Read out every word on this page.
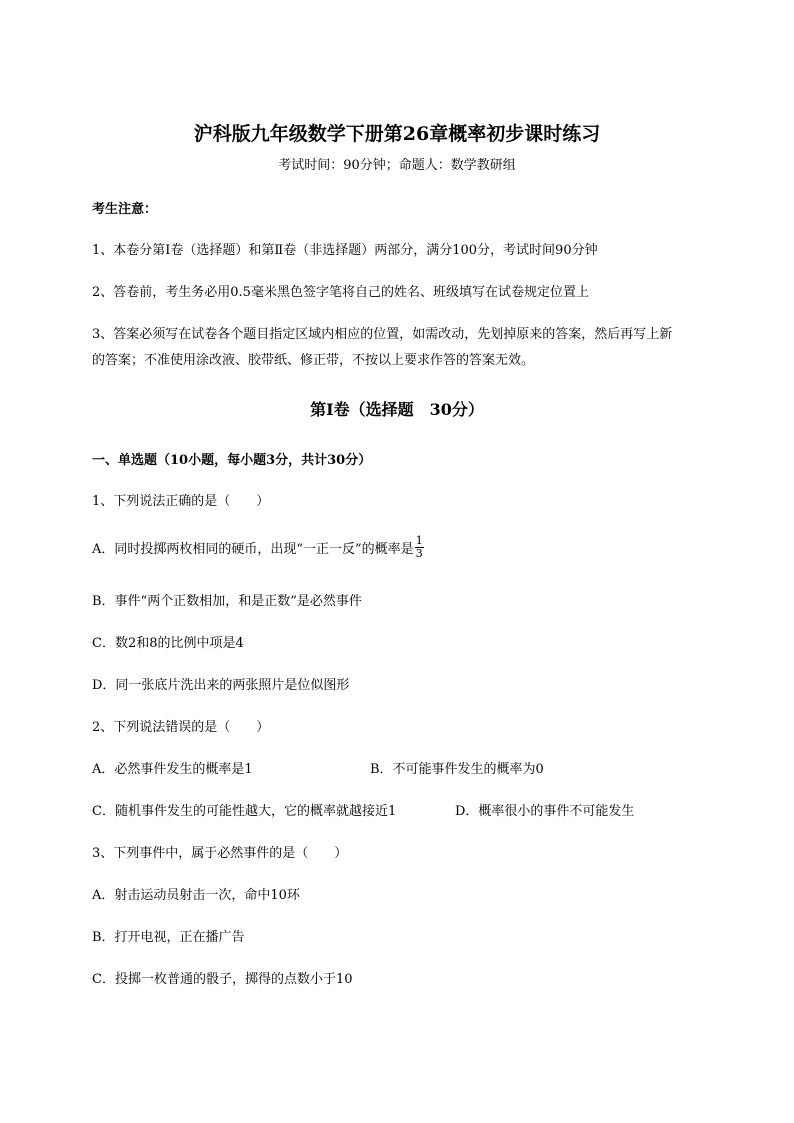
沪科版九年级数学下册第26章概率初步课时练习
考试时间：90分钟；命题人：数学教研组
考生注意：
1、本卷分第I卷（选择题）和第Ⅱ卷（非选择题）两部分，满分100分，考试时间90分钟
2、答卷前，考生务必用0.5毫米黑色签字笔将自己的姓名、班级填写在试卷规定位置上
3、答案必须写在试卷各个题目指定区域内相应的位置，如需改动，先划掉原来的答案，然后再写上新
的答案；不准使用涂改液、胶带纸、修正带，不按以上要求作答的答案无效。
第I卷（选择题　30分）
一、单选题（10小题，每小题3分，共计30分）
1、下列说法正确的是（　　）
A．同时投掷两枚相同的硬币，出现“一正一反”的概率是 $\frac{1}{3}$
B．事件“两个正数相加，和是正数”是必然事件
C．数2和8的比例中项是4
D．同一张底片洗出来的两张照片是位似图形
2、下列说法错误的是（　　）
A．必然事件发生的概率是1	B．不可能事件发生的概率为0
C．随机事件发生的可能性越大，它的概率就越接近1	D．概率很小的事件不可能发生
3、下列事件中，属于必然事件的是（　　）
A．射击运动员射击一次，命中10环
B．打开电视，正在播广告
C．投掷一枚普通的骰子，掷得的点数小于10
